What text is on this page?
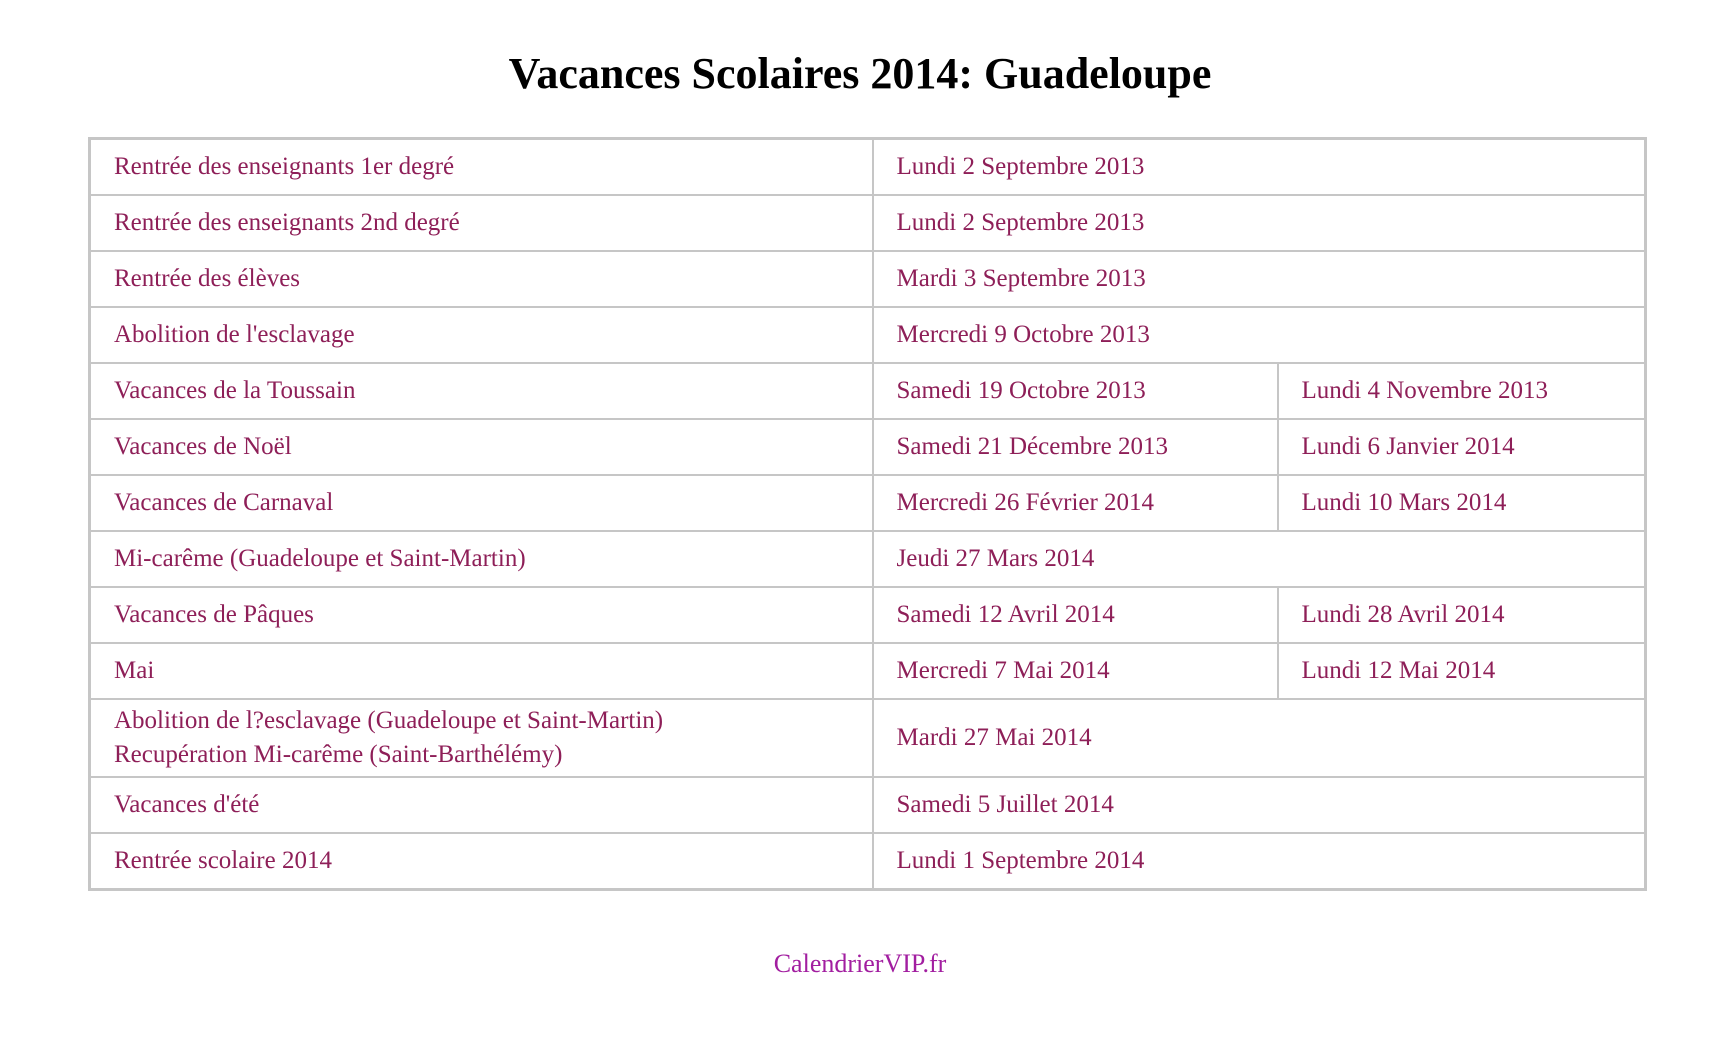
Vacances Scolaires 2014: Guadeloupe
Rentrée des enseignants 1er degré	Lundi 2 Septembre 2013	
Rentrée des enseignants 2nd degré	Lundi 2 Septembre 2013	
Rentrée des élèves	Mardi 3 Septembre 2013	
Abolition de l'esclavage	Mercredi 9 Octobre 2013	
Vacances de la Toussain	Samedi 19 Octobre 2013	Lundi 4 Novembre 2013
Vacances de Noël	Samedi 21 Décembre 2013	Lundi 6 Janvier 2014
Vacances de Carnaval	Mercredi 26 Février 2014	Lundi 10 Mars 2014
Mi-carême (Guadeloupe et Saint-Martin)	Jeudi 27 Mars 2014	
Vacances de Pâques	Samedi 12 Avril 2014	Lundi 28 Avril 2014
Mai	Mercredi 7 Mai 2014	Lundi 12 Mai 2014

Abolition de l?esclavage (Guadeloupe et Saint-Martin)
Recupération Mi-carême (Saint-Barthélémy)	Mardi 27 Mai 2014	
Vacances d'été	Samedi 5 Juillet 2014	
Rentrée scolaire 2014	Lundi 1 Septembre 2014	
CalendrierVIP.fr
